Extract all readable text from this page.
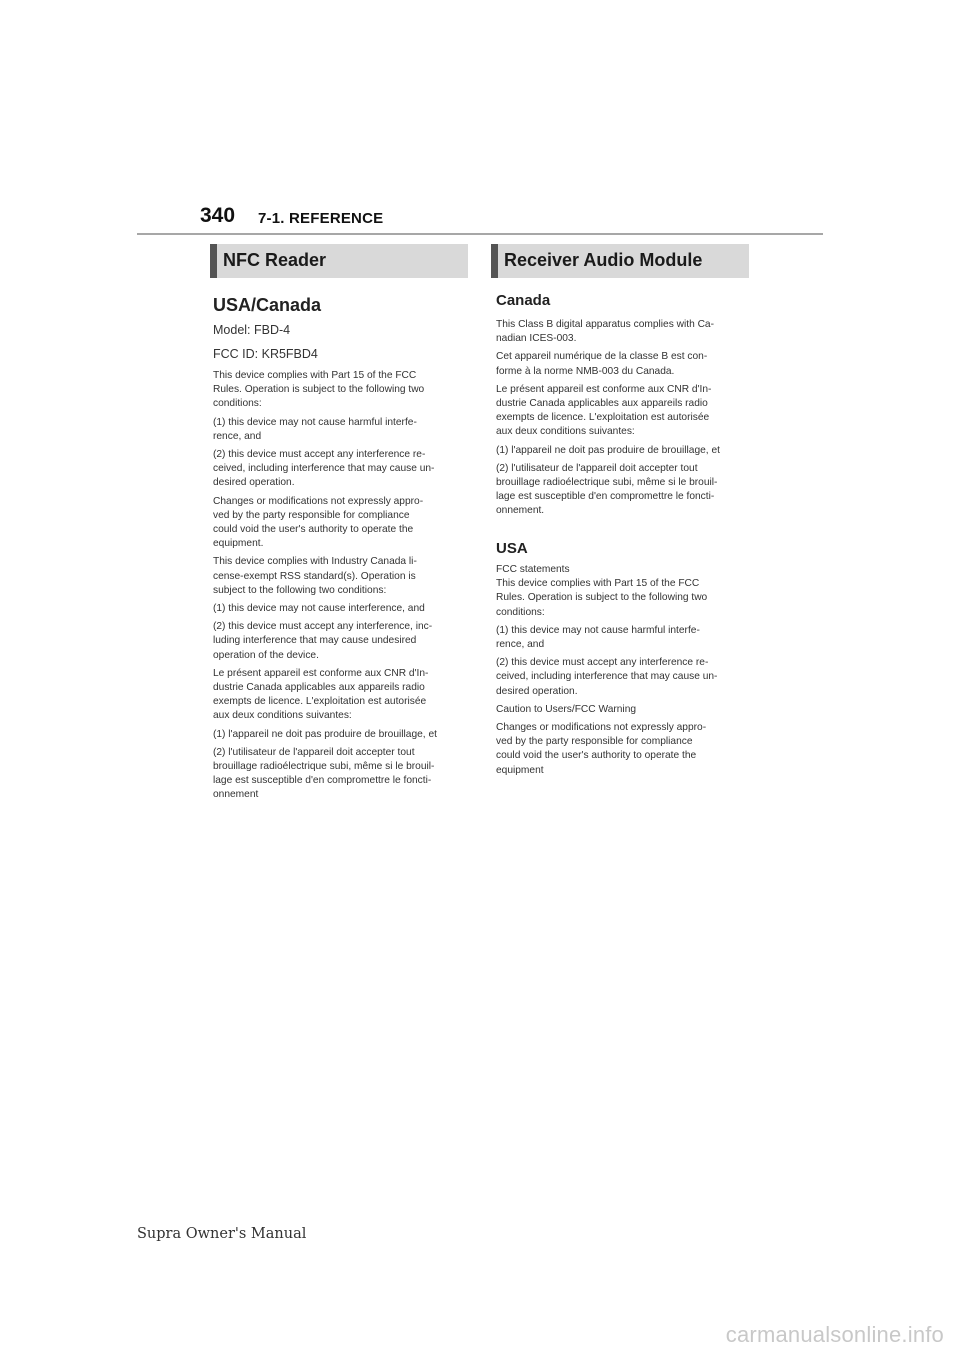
340 7-1. REFERENCE
NFC Reader
USA/Canada
Model: FBD-4
FCC ID: KR5FBD4
This device complies with Part 15 of the FCC
Rules. Operation is subject to the following two
conditions:
(1) this device may not cause harmful interfe-
rence, and
(2) this device must accept any interference re-
ceived, including interference that may cause un-
desired operation.
Changes or modifications not expressly appro-
ved by the party responsible for compliance
could void the user's authority to operate the
equipment.
This device complies with Industry Canada li-
cense-exempt RSS standard(s). Operation is
subject to the following two conditions:
(1) this device may not cause interference, and
(2) this device must accept any interference, inc-
luding interference that may cause undesired
operation of the device.
Le présent appareil est conforme aux CNR d'In-
dustrie Canada applicables aux appareils radio
exempts de licence. L'exploitation est autorisée
aux deux conditions suivantes:
(1) l'appareil ne doit pas produire de brouillage, et
(2) l'utilisateur de l'appareil doit accepter tout
brouillage radioélectrique subi, même si le brouil-
lage est susceptible d'en compromettre le foncti-
onnement
Receiver Audio Module
Canada
This Class B digital apparatus complies with Ca-
nadian ICES-003.
Cet appareil numérique de la classe B est con-
forme à la norme NMB-003 du Canada.
Le présent appareil est conforme aux CNR d'In-
dustrie Canada applicables aux appareils radio
exempts de licence. L'exploitation est autorisée
aux deux conditions suivantes:
(1) l'appareil ne doit pas produire de brouillage, et
(2) l'utilisateur de l'appareil doit accepter tout
brouillage radioélectrique subi, même si le brouil-
lage est susceptible d'en compromettre le foncti-
onnement.
USA
FCC statements
This device complies with Part 15 of the FCC
Rules. Operation is subject to the following two
conditions:
(1) this device may not cause harmful interfe-
rence, and
(2) this device must accept any interference re-
ceived, including interference that may cause un-
desired operation.
Caution to Users/FCC Warning
Changes or modifications not expressly appro-
ved by the party responsible for compliance
could void the user's authority to operate the
equipment
Supra Owner's Manual
carmanualsonline.info
